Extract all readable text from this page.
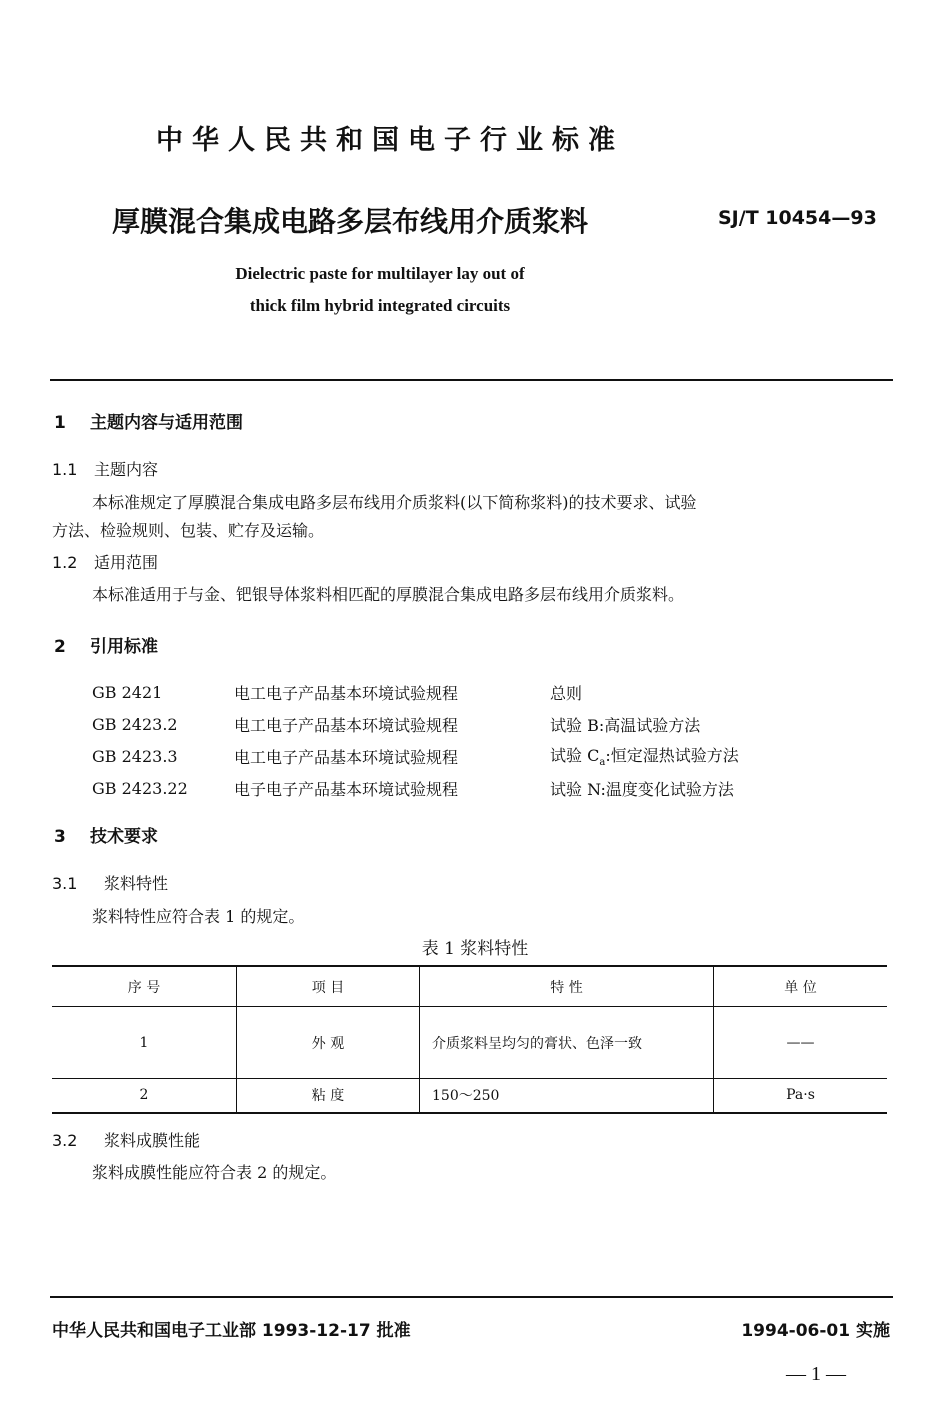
中华人民共和国电子行业标准
厚膜混合集成电路多层布线用介质浆料	SJ/T 10454—93
Dielectric paste for multilayer lay out of
thick film hybrid integrated circuits
1 主题内容与适用范围
1.1 主题内容
本标准规定了厚膜混合集成电路多层布线用介质浆料(以下简称浆料)的技术要求、试验
方法、检验规则、包装、贮存及运输。
1.2 适用范围
本标准适用于与金、钯银导体浆料相匹配的厚膜混合集成电路多层布线用介质浆料。
2 引用标准
GB 2421	电工电子产品基本环境试验规程	总则
GB 2423.2	电工电子产品基本环境试验规程	试验 B:高温试验方法
GB 2423.3	电工电子产品基本环境试验规程	试验 $C_a$:恒定湿热试验方法
GB 2423.22	电子电子产品基本环境试验规程	试验 N:温度变化试验方法
3 技术要求
3.1 浆料特性
浆料特性应符合表 1 的规定。
表 1 浆料特性
序 号	项 目	特 性	单 位
1	外 观	介质浆料呈均匀的膏状、色泽一致	——
2	粘 度	150～250	Pa·s
3.2 浆料成膜性能
浆料成膜性能应符合表 2 的规定。
中华人民共和国电子工业部 1993-12-17 批准	1994-06-01 实施
— 1 —
